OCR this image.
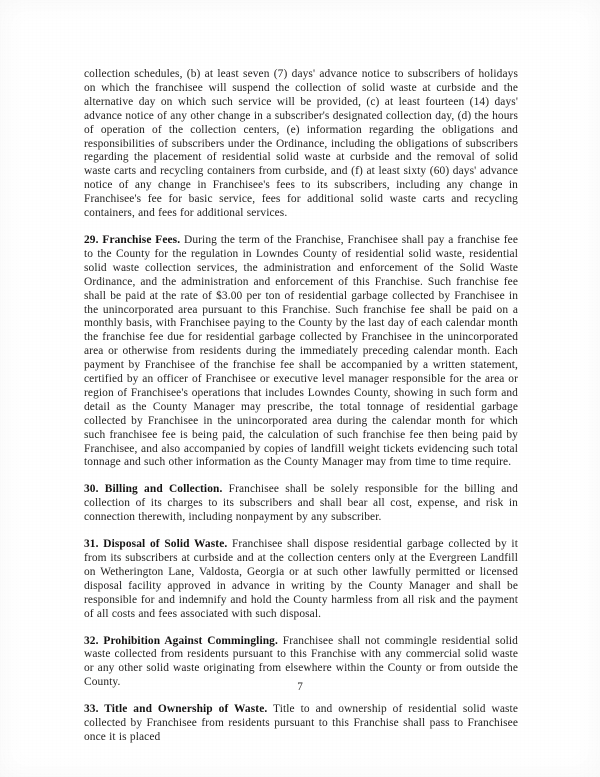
collection schedules, (b) at least seven (7) days' advance notice to subscribers of holidays on which the franchisee will suspend the collection of solid waste at curbside and the alternative day on which such service will be provided, (c) at least fourteen (14) days' advance notice of any other change in a subscriber's designated collection day, (d) the hours of operation of the collection centers, (e) information regarding the obligations and responsibilities of subscribers under the Ordinance, including the obligations of subscribers regarding the placement of residential solid waste at curbside and the removal of solid waste carts and recycling containers from curbside, and (f) at least sixty (60) days' advance notice of any change in Franchisee's fees to its subscribers, including any change in Franchisee's fee for basic service, fees for additional solid waste carts and recycling containers, and fees for additional services.

29. Franchise Fees. During the term of the Franchise, Franchisee shall pay a franchise fee to the County for the regulation in Lowndes County of residential solid waste, residential solid waste collection services, the administration and enforcement of the Solid Waste Ordinance, and the administration and enforcement of this Franchise. Such franchise fee shall be paid at the rate of $3.00 per ton of residential garbage collected by Franchisee in the unincorporated area pursuant to this Franchise. Such franchise fee shall be paid on a monthly basis, with Franchisee paying to the County by the last day of each calendar month the franchise fee due for residential garbage collected by Franchisee in the unincorporated area or otherwise from residents during the immediately preceding calendar month. Each payment by Franchisee of the franchise fee shall be accompanied by a written statement, certified by an officer of Franchisee or executive level manager responsible for the area or region of Franchisee's operations that includes Lowndes County, showing in such form and detail as the County Manager may prescribe, the total tonnage of residential garbage collected by Franchisee in the unincorporated area during the calendar month for which such franchisee fee is being paid, the calculation of such franchise fee then being paid by Franchisee, and also accompanied by copies of landfill weight tickets evidencing such total tonnage and such other information as the County Manager may from time to time require.

30. Billing and Collection. Franchisee shall be solely responsible for the billing and collection of its charges to its subscribers and shall bear all cost, expense, and risk in connection therewith, including nonpayment by any subscriber.

31. Disposal of Solid Waste. Franchisee shall dispose residential garbage collected by it from its subscribers at curbside and at the collection centers only at the Evergreen Landfill on Wetherington Lane, Valdosta, Georgia or at such other lawfully permitted or licensed disposal facility approved in advance in writing by the County Manager and shall be responsible for and indemnify and hold the County harmless from all risk and the payment of all costs and fees associated with such disposal.

32. Prohibition Against Commingling. Franchisee shall not commingle residential solid waste collected from residents pursuant to this Franchise with any commercial solid waste or any other solid waste originating from elsewhere within the County or from outside the County.

33. Title and Ownership of Waste. Title to and ownership of residential solid waste collected by Franchisee from residents pursuant to this Franchise shall pass to Franchisee once it is placed

7
